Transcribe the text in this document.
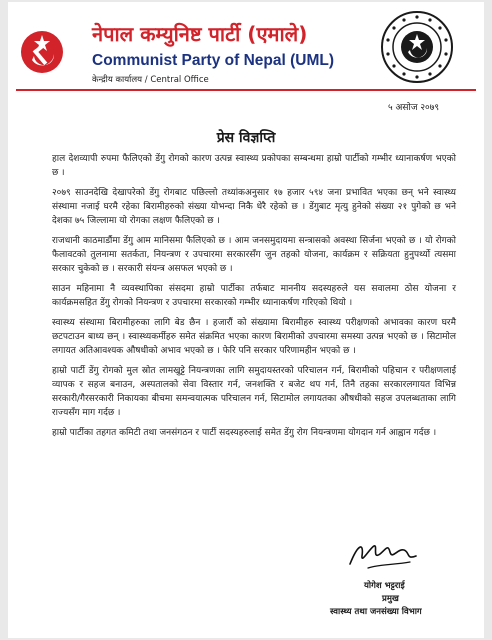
नेपाल कम्युनिष्ट पार्टी (एमाले)
Communist Party of Nepal (UML)
केन्द्रीय कार्यालय / Central Office
५ असोज २०७९
प्रेस विज्ञप्ति

हाल देशव्यापी रुपमा फैलिएको डेंगु रोगको कारण उत्पन्न स्वास्थ्य प्रकोपका सम्बन्धमा हाम्रो पार्टीको गम्भीर ध्यानाकर्षण भएको छ ।

२०७९ साउनदेखि देखापरेको डेंगु रोगबाट पछिल्लो तथ्यांकअनुसार १७ हजार ५९४ जना प्रभावित भएका छन् भने स्वास्थ्य संस्थामा नजाई घरमै रहेका बिरामीहरुको संख्या योभन्दा निकै धेरै रहेको छ । डेंगुबाट मृत्यु हुनेको संख्या २१ पुगेको छ भने देशका ७५ जिल्लामा यो रोगका लक्षण फैलिएको छ ।

राजधानी काठमाडौंमा डेंगु आम मानिसमा फैलिएको छ । आम जनसमुदायमा सन्त्रासको अवस्था सिर्जना भएको छ । यो रोगको फैलावटको तुलनामा सतर्कता, नियन्त्रण र उपचारमा सरकारसँग जुन तहको योजना, कार्यक्रम र सक्रियता हुनुपर्थ्यो त्यसमा सरकार चुकेको छ । सरकारी संयन्त्र असफल भएको छ ।

साउन महिनामा नै व्यवस्थापिका संसदमा हाम्रो पार्टीका तर्फबाट माननीय सदस्यहरुले यस सवालमा ठोस योजना र कार्यक्रमसहित डेंगु रोगको नियन्त्रण र उपचारमा सरकारको गम्भीर ध्यानाकर्षण गरिएको थियो ।

स्वास्थ्य संस्थामा बिरामीहरुका लागि बेड छैन । हजारौं को संख्यामा बिरामीहरु स्वास्थ्य परीक्षणको अभावका कारण घरमै छटपटाउन बाध्य छन् । स्वास्थ्यकर्मीहरु समेत संक्रमित भएका कारण बिरामीको उपचारमा समस्या उत्पन्न भएको छ । सिटामोल लगायत अतिआवश्यक औषधीको अभाव भएको छ । फेरि पनि सरकार परिणामहीन भएको छ ।

हाम्रो पार्टी डेंगु रोगको मुल स्रोत लामखुट्टे नियन्त्रणका लागि समुदायस्तरको परिचालन गर्न, बिरामीको पहिचान र परीक्षणलाई व्यापक र सहज बनाउन, अस्पतालको सेवा विस्तार गर्न, जनशक्ति र बजेट थप गर्न, तिनै तहका सरकारलगायत विभिन्न सरकारी/गैरसरकारी निकायका बीचमा समन्वयात्मक परिचालन गर्न, सिटामोल लगायतका औषधीको सहज उपलब्धताका लागि राज्यसँग माग गर्दछ ।

हाम्रो पार्टीका तहगत कमिटी तथा जनसंगठन र पार्टी सदस्यहरुलाई समेत डेंगु रोग नियन्त्रणमा योगदान गर्न आह्वान गर्दछ ।

योगेश भट्टराई
प्रमुख
स्वास्थ्य तथा जनसंख्या विभाग
